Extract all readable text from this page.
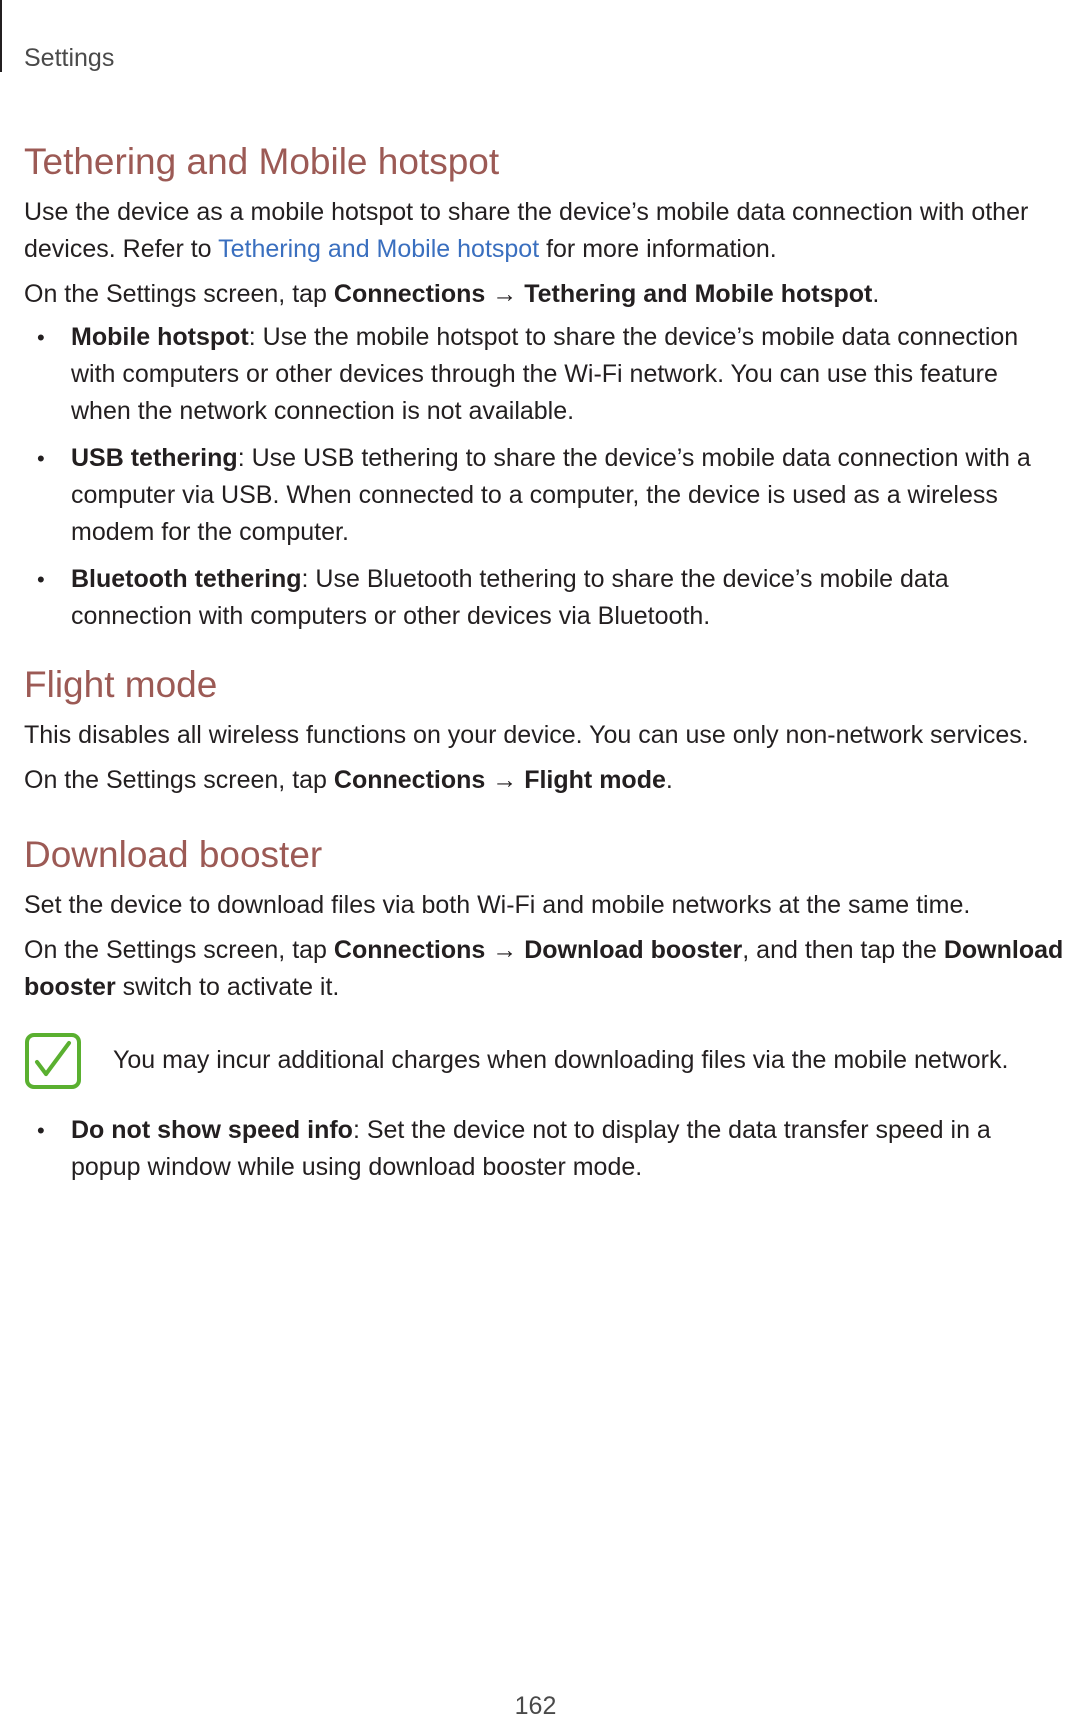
Settings
Tethering and Mobile hotspot

Use the device as a mobile hotspot to share the device’s mobile data connection with other devices. Refer to Tethering and Mobile hotspot for more information.

On the Settings screen, tap Connections → Tethering and Mobile hotspot.

• Mobile hotspot: Use the mobile hotspot to share the device’s mobile data connection with computers or other devices through the Wi-Fi network. You can use this feature when the network connection is not available.
• USB tethering: Use USB tethering to share the device’s mobile data connection with a computer via USB. When connected to a computer, the device is used as a wireless modem for the computer.
• Bluetooth tethering: Use Bluetooth tethering to share the device’s mobile data connection with computers or other devices via Bluetooth.
Flight mode

This disables all wireless functions on your device. You can use only non-network services.

On the Settings screen, tap Connections → Flight mode.

Download booster

Set the device to download files via both Wi-Fi and mobile networks at the same time.

On the Settings screen, tap Connections → Download booster, and then tap the Download booster switch to activate it.

You may incur additional charges when downloading files via the mobile network.
• Do not show speed info: Set the device not to display the data transfer speed in a popup window while using download booster mode.
162
